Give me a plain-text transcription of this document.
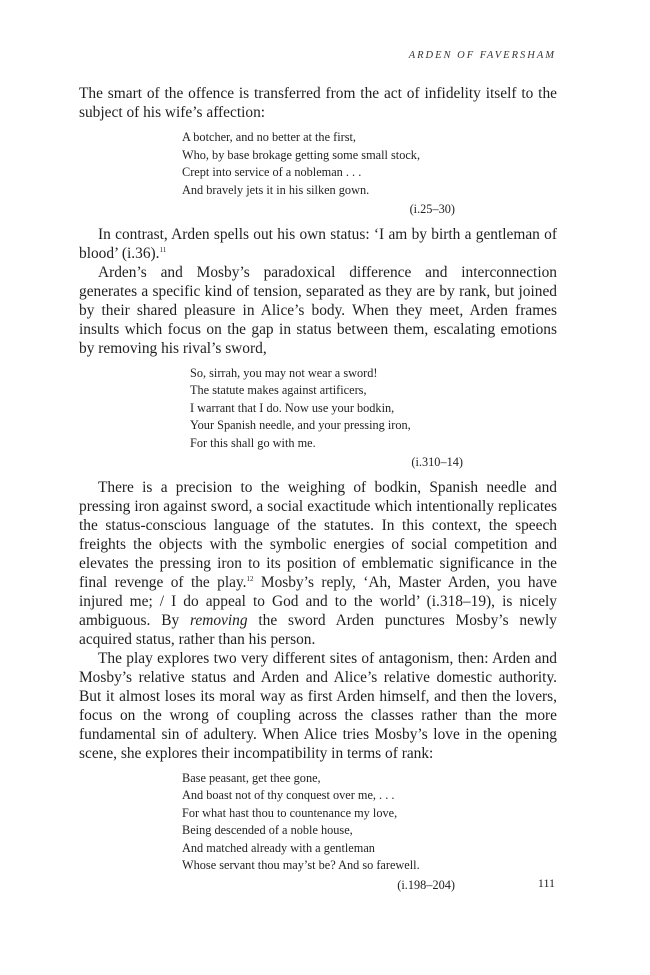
ARDEN OF FAVERSHAM

The smart of the offence is transferred from the act of infidelity itself to the subject of his wife’s affection:

A botcher, and no better at the first,
Who, by base brokage getting some small stock,
Crept into service of a nobleman . . .
And bravely jets it in his silken gown.
(i.25–30)

In contrast, Arden spells out his own status: ‘I am by birth a gentleman of blood’ (i.36).$^{11}$

Arden’s and Mosby’s paradoxical difference and interconnection generates a specific kind of tension, separated as they are by rank, but joined by their shared pleasure in Alice’s body. When they meet, Arden frames insults which focus on the gap in status between them, escalating emotions by removing his rival’s sword,

So, sirrah, you may not wear a sword!
The statute makes against artificers,
I warrant that I do. Now use your bodkin,
Your Spanish needle, and your pressing iron,
For this shall go with me.
(i.310–14)

There is a precision to the weighing of bodkin, Spanish needle and pressing iron against sword, a social exactitude which intentionally replicates the status-conscious language of the statutes. In this context, the speech freights the objects with the symbolic energies of social competition and elevates the pressing iron to its position of emblematic significance in the final revenge of the play.$^{12}$ Mosby’s reply, ‘Ah, Master Arden, you have injured me; / I do appeal to God and to the world’ (i.318–19), is nicely ambiguous. By removing the sword Arden punctures Mosby’s newly acquired status, rather than his person.

The play explores two very different sites of antagonism, then: Arden and Mosby’s relative status and Arden and Alice’s relative domestic authority. But it almost loses its moral way as first Arden himself, and then the lovers, focus on the wrong of coupling across the classes rather than the more fundamental sin of adultery. When Alice tries Mosby’s love in the opening scene, she explores their incompatibility in terms of rank:

Base peasant, get thee gone,
And boast not of thy conquest over me, . . .
For what hast thou to countenance my love,
Being descended of a noble house,
And matched already with a gentleman
Whose servant thou may’st be? And so farewell.
(i.198–204)	111
